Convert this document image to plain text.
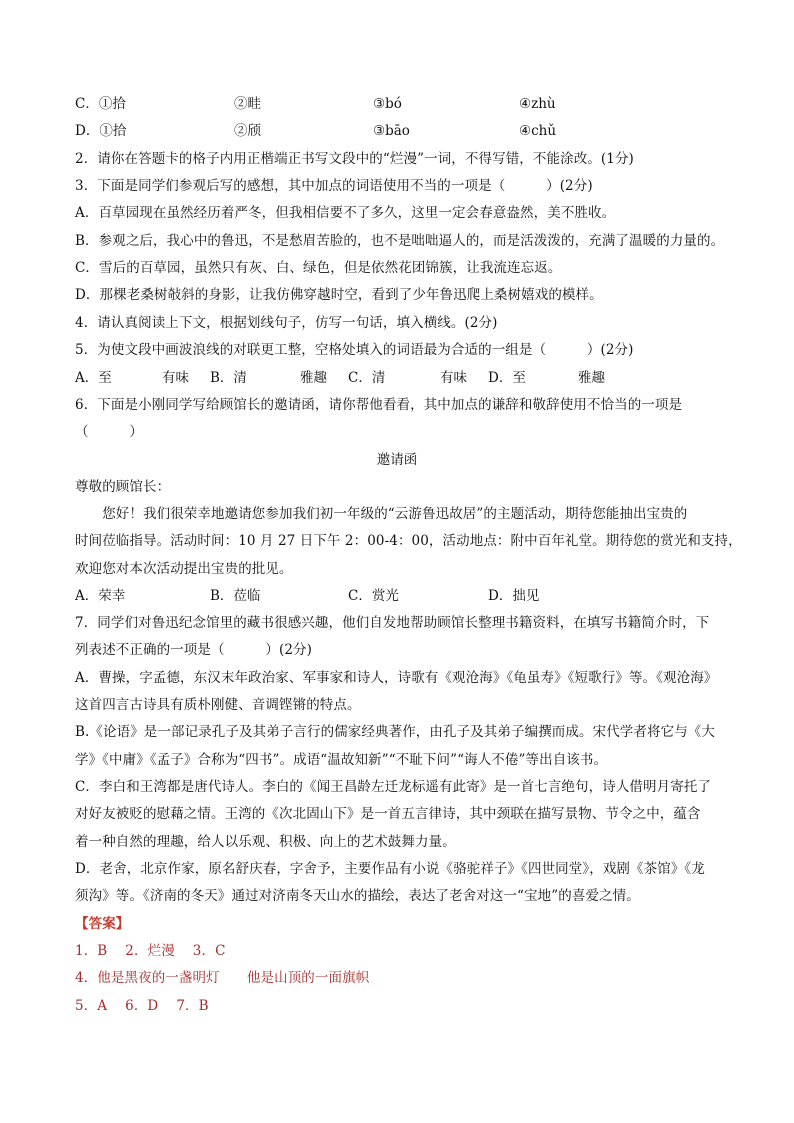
C．①拾	②畦	③bó	④zhù
D．①拾	②颀	③bāo	④chǔ
2．请你在答题卡的格子内用正楷端正书写文段中的“烂漫”一词，不得写错，不能涂改。(1分)
3．下面是同学们参观后写的感想，其中加点的词语使用不当的一项是（　　　）(2分)
A．百草园现在虽然经历着严冬，但我相信要不了多久，这里一定会春意盎然，美不胜收。
B．参观之后，我心中的鲁迅，不是愁眉苦脸的，也不是咄咄逼人的，而是活泼泼的，充满了温暖的力量的。
C．雪后的百草园，虽然只有灰、白、绿色，但是依然花团锦簇，让我流连忘返。
D．那棵老桑树敧斜的身影，让我仿佛穿越时空，看到了少年鲁迅爬上桑树嬉戏的模样。
4．请认真阅读上下文，根据划线句子，仿写一句话，填入横线。(2分)
5．为使文段中画波浪线的对联更工整，空格处填入的词语最为合适的一组是（　　　）(2分)
A．至	有味 B．清	雅趣 C．清	有味 D．至	雅趣
6．下面是小刚同学写给顾馆长的邀请函，请你帮他看看，其中加点的谦辞和敬辞使用不恰当的一项是
（　　　）
邀请函
尊敬的顾馆长：
　　您好！我们很荣幸地邀请您参加我们初一年级的“云游鲁迅故居”的主题活动，期待您能抽出宝贵的
时间莅临指导。活动时间：10 月 27 日下午 2：00-4：00，活动地点：附中百年礼堂。期待您的赏光和支持，
欢迎您对本次活动提出宝贵的批见。
A．荣幸	B．莅临	C．赏光	D．拙见
7．同学们对鲁迅纪念馆里的藏书很感兴趣，他们自发地帮助顾馆长整理书籍资料，在填写书籍简介时，下
列表述不正确的一项是（　　　）(2分)
A．曹操，字孟德，东汉末年政治家、军事家和诗人，诗歌有《观沧海》《龟虽寿》《短歌行》等。《观沧海》
这首四言古诗具有质朴刚健、音调铿锵的特点。
B.《论语》是一部记录孔子及其弟子言行的儒家经典著作，由孔子及其弟子编撰而成。宋代学者将它与《大
学》《中庸》《孟子》合称为“四书”。成语“温故知新”“不耻下问”“诲人不倦”等出自该书。
C．李白和王湾都是唐代诗人。李白的《闻王昌龄左迁龙标遥有此寄》是一首七言绝句，诗人借明月寄托了
对好友被贬的慰藉之情。王湾的《次北固山下》是一首五言律诗，其中颈联在描写景物、节令之中，蕴含
着一种自然的理趣，给人以乐观、积极、向上的艺术鼓舞力量。
D．老舍，北京作家，原名舒庆春，字舍予，主要作品有小说《骆驼祥子》《四世同堂》，戏剧《茶馆》《龙
须沟》等。《济南的冬天》通过对济南冬天山水的描绘，表达了老舍对这一“宝地”的喜爱之情。
【答案】
1．B　 2．烂漫　 3．C
4．他是黑夜的一盏明灯　　他是山顶的一面旗帜
5．A　 6．D　 7．B
